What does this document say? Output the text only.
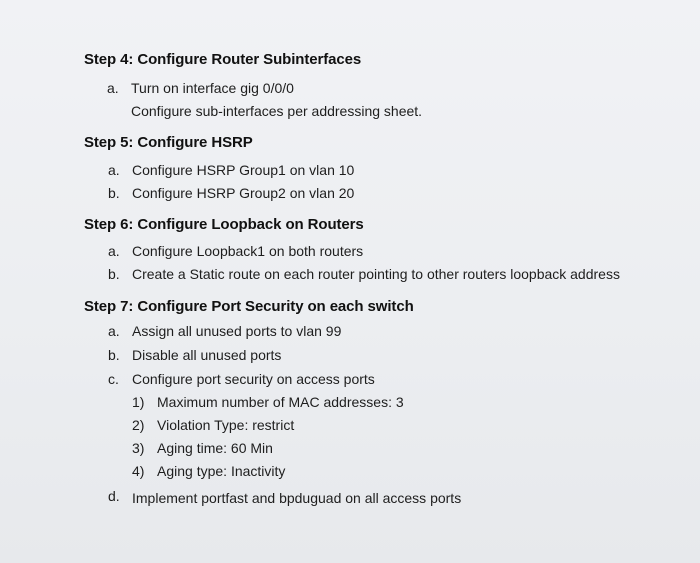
Step 4: Configure Router Subinterfaces
a. Turn on interface gig 0/0/0
Configure sub-interfaces per addressing sheet.
Step 5: Configure HSRP
a. Configure HSRP Group1 on vlan 10
b. Configure HSRP Group2 on vlan 20
Step 6: Configure Loopback on Routers
a. Configure Loopback1 on both routers
b. Create a Static route on each router pointing to other routers loopback address
Step 7: Configure Port Security on each switch
a. Assign all unused ports to vlan 99
b. Disable all unused ports
c. Configure port security on access ports
1) Maximum number of MAC addresses: 3
2) Violation Type: restrict
3) Aging time: 60 Min
4) Aging type: Inactivity
d. Implement portfast and bpduguad on all access ports
